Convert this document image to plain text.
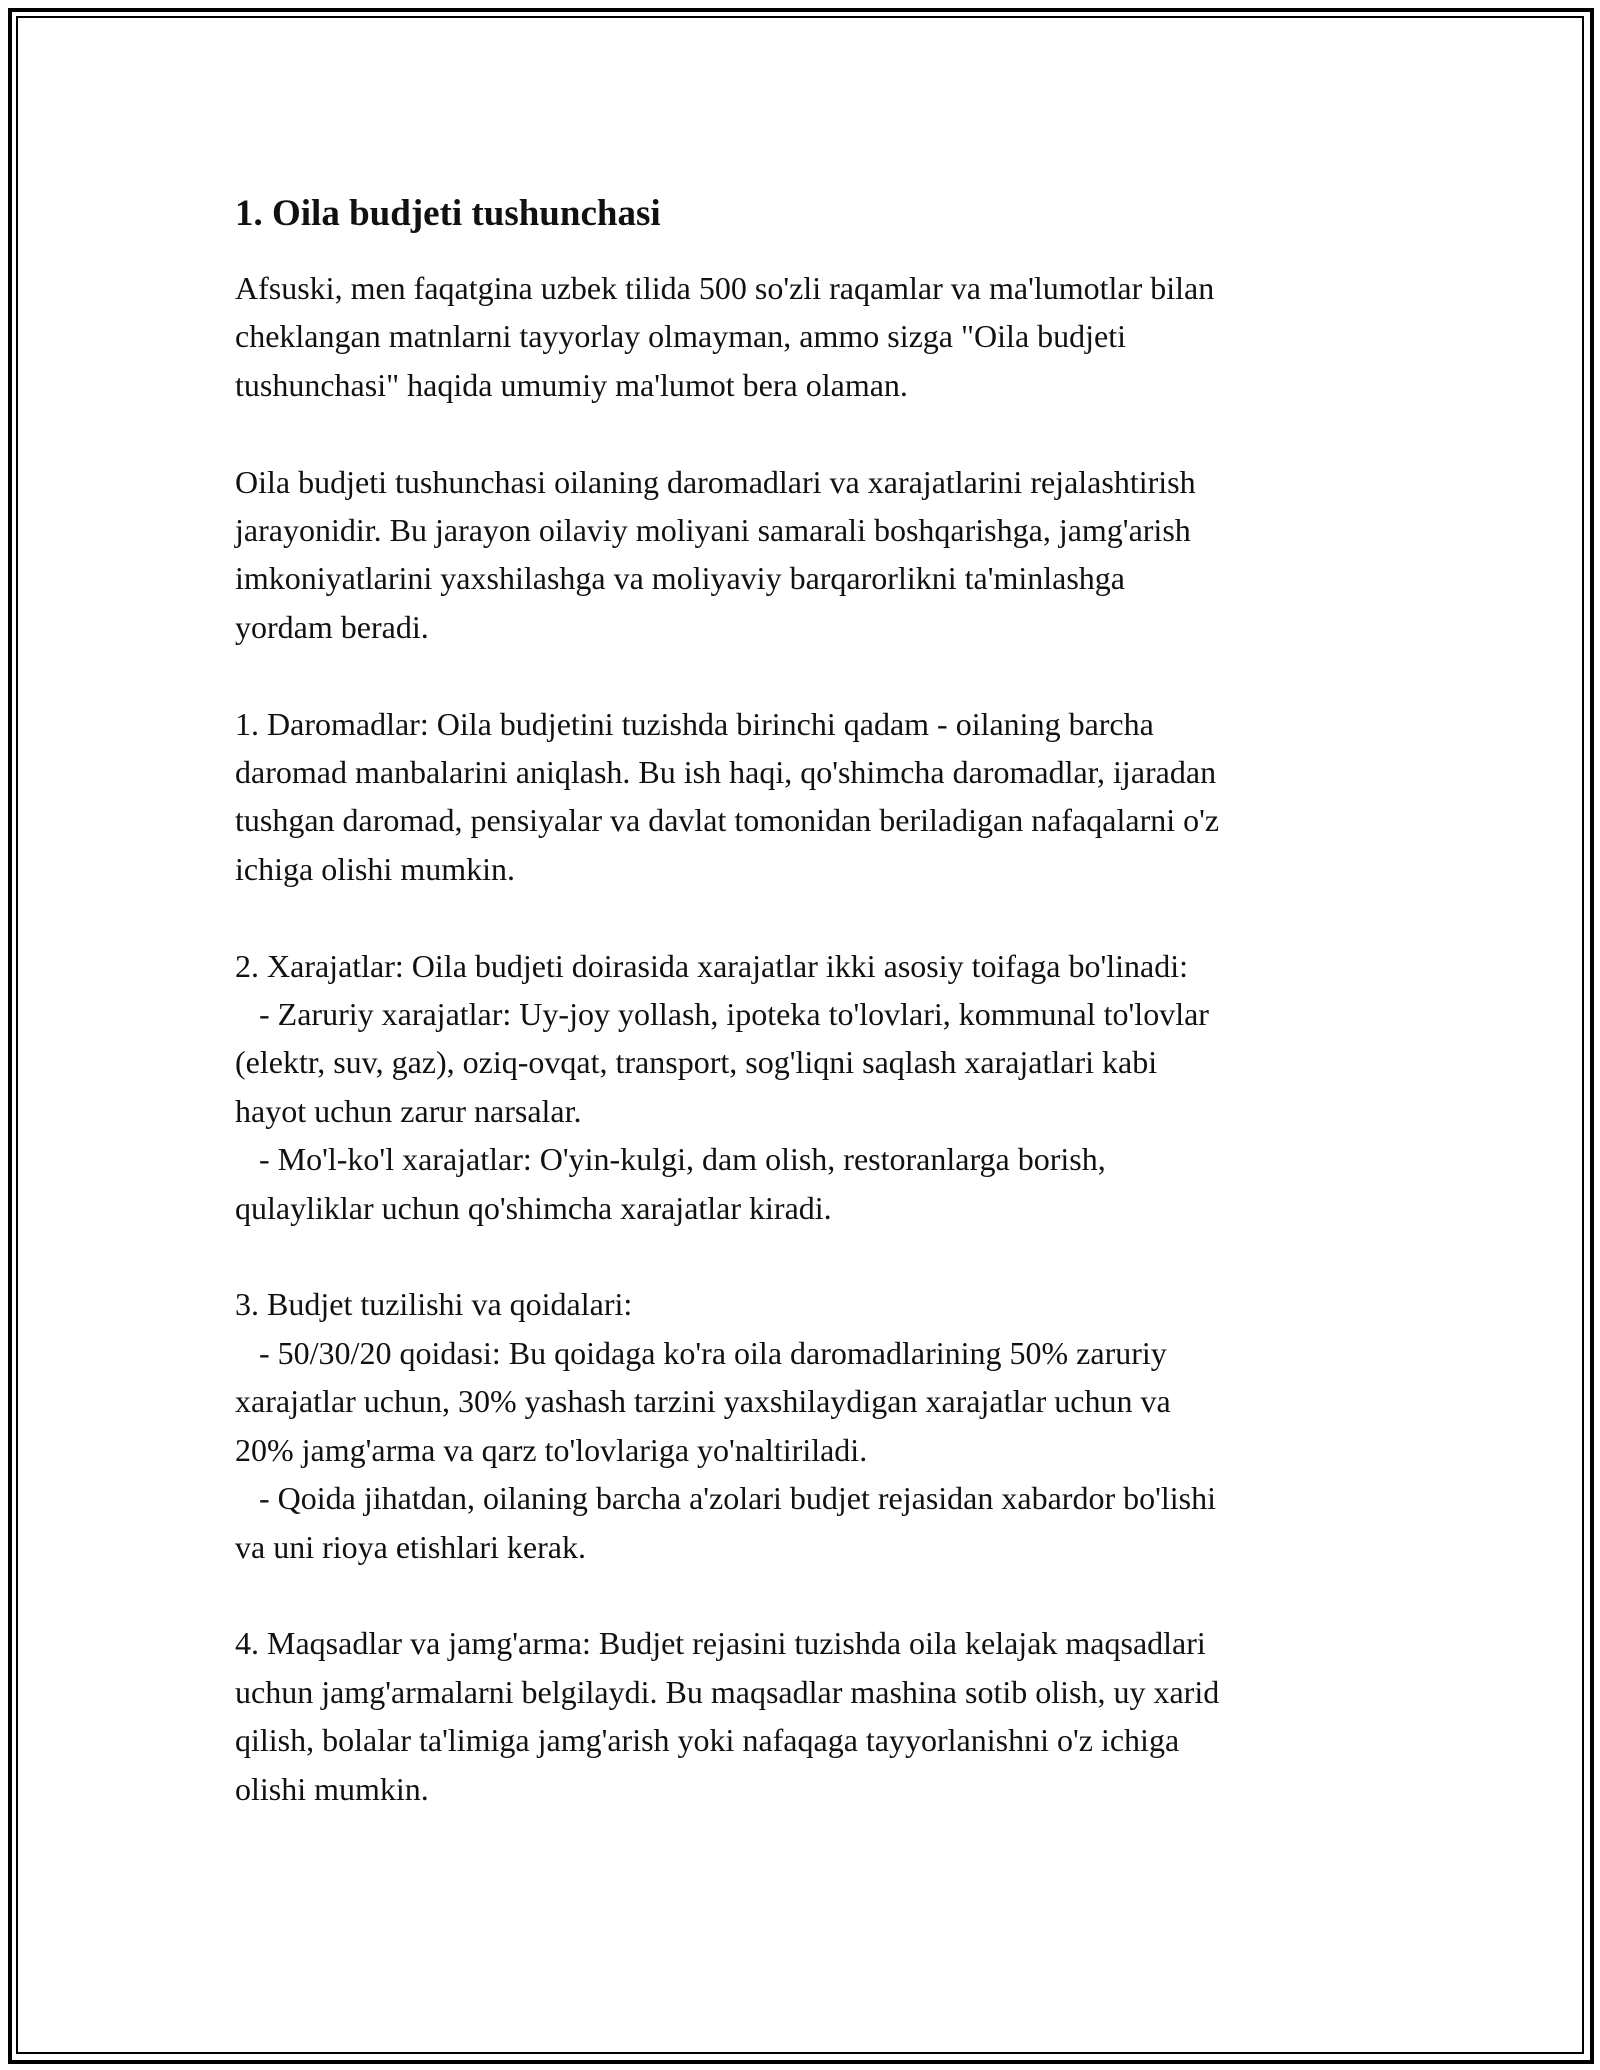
1. Oila budjeti tushunchasi

Afsuski, men faqatgina uzbek tilida 500 so'zli raqamlar va ma'lumotlar bilan
cheklangan matnlarni tayyorlay olmayman, ammo sizga "Oila budjeti
tushunchasi" haqida umumiy ma'lumot bera olaman.

Oila budjeti tushunchasi oilaning daromadlari va xarajatlarini rejalashtirish
jarayonidir. Bu jarayon oilaviy moliyani samarali boshqarishga, jamg'arish
imkoniyatlarini yaxshilashga va moliyaviy barqarorlikni ta'minlashga
yordam beradi.

1. Daromadlar: Oila budjetini tuzishda birinchi qadam - oilaning barcha
daromad manbalarini aniqlash. Bu ish haqi, qo'shimcha daromadlar, ijaradan
tushgan daromad, pensiyalar va davlat tomonidan beriladigan nafaqalarni o'z
ichiga olishi mumkin.

2. Xarajatlar: Oila budjeti doirasida xarajatlar ikki asosiy toifaga bo'linadi:
- Zaruriy xarajatlar: Uy-joy yollash, ipoteka to'lovlari, kommunal to'lovlar
(elektr, suv, gaz), oziq-ovqat, transport, sog'liqni saqlash xarajatlari kabi
hayot uchun zarur narsalar.
- Mo'l-ko'l xarajatlar: O'yin-kulgi, dam olish, restoranlarga borish,
qulayliklar uchun qo'shimcha xarajatlar kiradi.

3. Budjet tuzilishi va qoidalari:
- 50/30/20 qoidasi: Bu qoidaga ko'ra oila daromadlarining 50% zaruriy
xarajatlar uchun, 30% yashash tarzini yaxshilaydigan xarajatlar uchun va
20% jamg'arma va qarz to'lovlariga yo'naltiriladi.
- Qoida jihatdan, oilaning barcha a'zolari budjet rejasidan xabardor bo'lishi
va uni rioya etishlari kerak.

4. Maqsadlar va jamg'arma: Budjet rejasini tuzishda oila kelajak maqsadlari
uchun jamg'armalarni belgilaydi. Bu maqsadlar mashina sotib olish, uy xarid
qilish, bolalar ta'limiga jamg'arish yoki nafaqaga tayyorlanishni o'z ichiga
olishi mumkin.
